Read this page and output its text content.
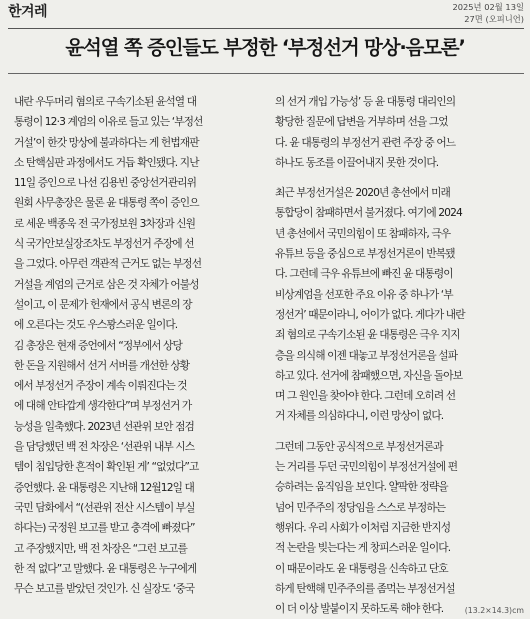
한겨레	2025년 02월 13일
27면 (오피니언)
윤석열 쪽 증인들도 부정한 ‘부정선거 망상·음모론’
내란 우두머리 혐의로 구속기소된 윤석열 대
통령이 12·3 계엄의 이유로 들고 있는 ‘부정선
거설’이 한갓 망상에 불과하다는 게 헌법재판
소 탄핵심판 과정에서도 거듭 확인됐다. 지난
11일 증인으로 나선 김용빈 중앙선거관리위
원회 사무총장은 물론 윤 대통령 쪽이 증인으
로 세운 백종욱 전 국가정보원 3차장과 신원
식 국가안보실장조차도 부정선거 주장에 선
을 그었다. 아무런 객관적 근거도 없는 부정선
거설을 계엄의 근거로 삼은 것 자체가 어불성
설이고, 이 문제가 헌재에서 공식 변론의 장
에 오른다는 것도 우스꽝스러운 일이다.
김 총장은 현재 증언에서 “정부에서 상당
한 돈을 지원해서 선거 서버를 개선한 상황
에서 부정선거 주장이 계속 이뤄진다는 것
에 대해 안타깝게 생각한다”며 부정선거 가
능성을 일축했다. 2023년 선관위 보안 점검
을 담당했던 백 전 차장은 ‘선관위 내부 시스
템이 침입당한 흔적이 확인된 게’ “없었다”고
증언했다. 윤 대통령은 지난해 12월12일 대
국민 담화에서 “(선관위 전산 시스템이 부실
하다는) 국정원 보고를 받고 충격에 빠졌다”
고 주장했지만, 백 전 차장은 “그런 보고를
한 적 없다”고 말했다. 윤 대통령은 누구에게
무슨 보고를 받았던 것인가. 신 실장도 ‘중국
의 선거 개입 가능성’ 등 윤 대통령 대리인의
황당한 질문에 답변을 거부하며 선을 그었
다. 윤 대통령의 부정선거 관련 주장 중 어느
하나도 동조를 이끌어내지 못한 것이다.
최근 부정선거설은 2020년 총선에서 미래
통합당이 참패하면서 불거졌다. 여기에 2024
년 총선에서 국민의힘이 또 참패하자, 극우
유튜브 등을 중심으로 부정선거론이 반복됐
다. 그런데 극우 유튜브에 빠진 윤 대통령이
비상계엄을 선포한 주요 이유 중 하나가 ‘부
정선거’ 때문이라니, 어이가 없다. 게다가 내란
죄 혐의로 구속기소된 윤 대통령은 극우 지지
층을 의식해 이젠 대놓고 부정선거론을 설파
하고 있다. 선거에 참패했으면, 자신을 돌아보
며 그 원인을 찾아야 한다. 그런데 오히려 선
거 자체를 의심하다니, 이런 망상이 없다.
그런데 그동안 공식적으로 부정선거론과
는 거리를 두던 국민의힘이 부정선거설에 편
승하려는 움직임을 보인다. 얄팍한 정략을
넘어 민주주의 정당임을 스스로 부정하는
행위다. 우리 사회가 이처럼 지금한 반지성
적 논란을 빚는다는 게 창피스러운 일이다.
이 때문이라도 윤 대통령을 신속하고 단호
하게 탄핵해 민주주의를 좀먹는 부정선거설
이 더 이상 발붙이지 못하도록 해야 한다.	(13.2×14.3)cm
